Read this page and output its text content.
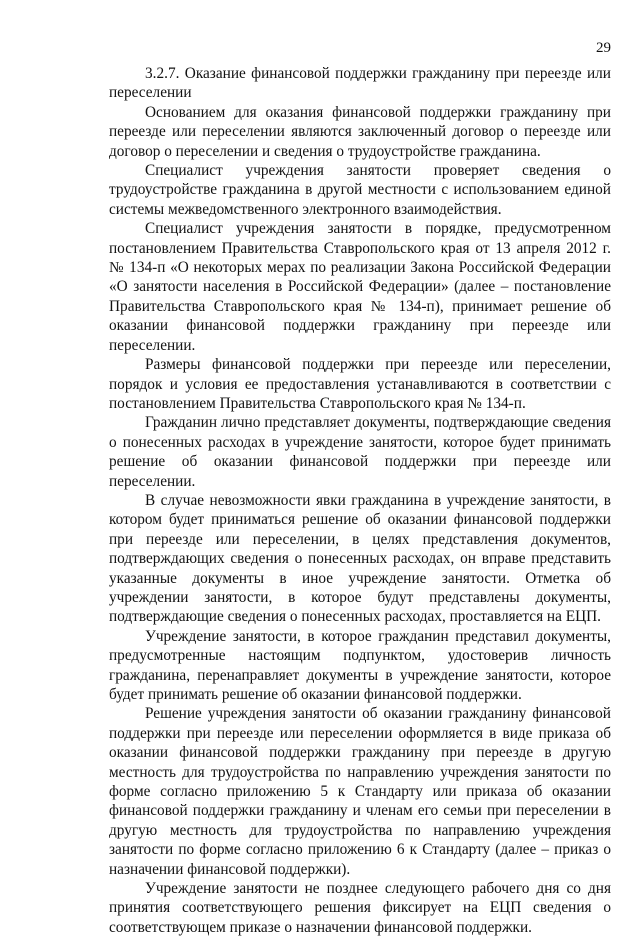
29

3.2.7. Оказание финансовой поддержки гражданину при переезде или переселении

Основанием для оказания финансовой поддержки гражданину при переезде или переселении являются заключенный договор о переезде или договор о переселении и сведения о трудоустройстве гражданина.

Специалист учреждения занятости проверяет сведения о трудоустройстве гражданина в другой местности с использованием единой системы межведомственного электронного взаимодействия.

Специалист учреждения занятости в порядке, предусмотренном постановлением Правительства Ставропольского края от 13 апреля 2012 г. № 134-п «О некоторых мерах по реализации Закона Российской Федерации «О занятости населения в Российской Федерации» (далее – постановление Правительства Ставропольского края № 134-п), принимает решение об оказании финансовой поддержки гражданину при переезде или переселении.

Размеры финансовой поддержки при переезде или переселении, порядок и условия ее предоставления устанавливаются в соответствии с постановлением Правительства Ставропольского края № 134-п.

Гражданин лично представляет документы, подтверждающие сведения о понесенных расходах в учреждение занятости, которое будет принимать решение об оказании финансовой поддержки при переезде или переселении.

В случае невозможности явки гражданина в учреждение занятости, в котором будет приниматься решение об оказании финансовой поддержки при переезде или переселении, в целях представления документов, подтверждающих сведения о понесенных расходах, он вправе представить указанные документы в иное учреждение занятости. Отметка об учреждении занятости, в которое будут представлены документы, подтверждающие сведения о понесенных расходах, проставляется на ЕЦП.

Учреждение занятости, в которое гражданин представил документы, предусмотренные настоящим подпунктом, удостоверив личность гражданина, перенаправляет документы в учреждение занятости, которое будет принимать решение об оказании финансовой поддержки.

Решение учреждения занятости об оказании гражданину финансовой поддержки при переезде или переселении оформляется в виде приказа об оказании финансовой поддержки гражданину при переезде в другую местность для трудоустройства по направлению учреждения занятости по форме согласно приложению 5 к Стандарту или приказа об оказании финансовой поддержки гражданину и членам его семьи при переселении в другую местность для трудоустройства по направлению учреждения занятости по форме согласно приложению 6 к Стандарту (далее – приказ о назначении финансовой поддержки).

Учреждение занятости не позднее следующего рабочего дня со дня принятия соответствующего решения фиксирует на ЕЦП сведения о соответствующем приказе о назначении финансовой поддержки.
